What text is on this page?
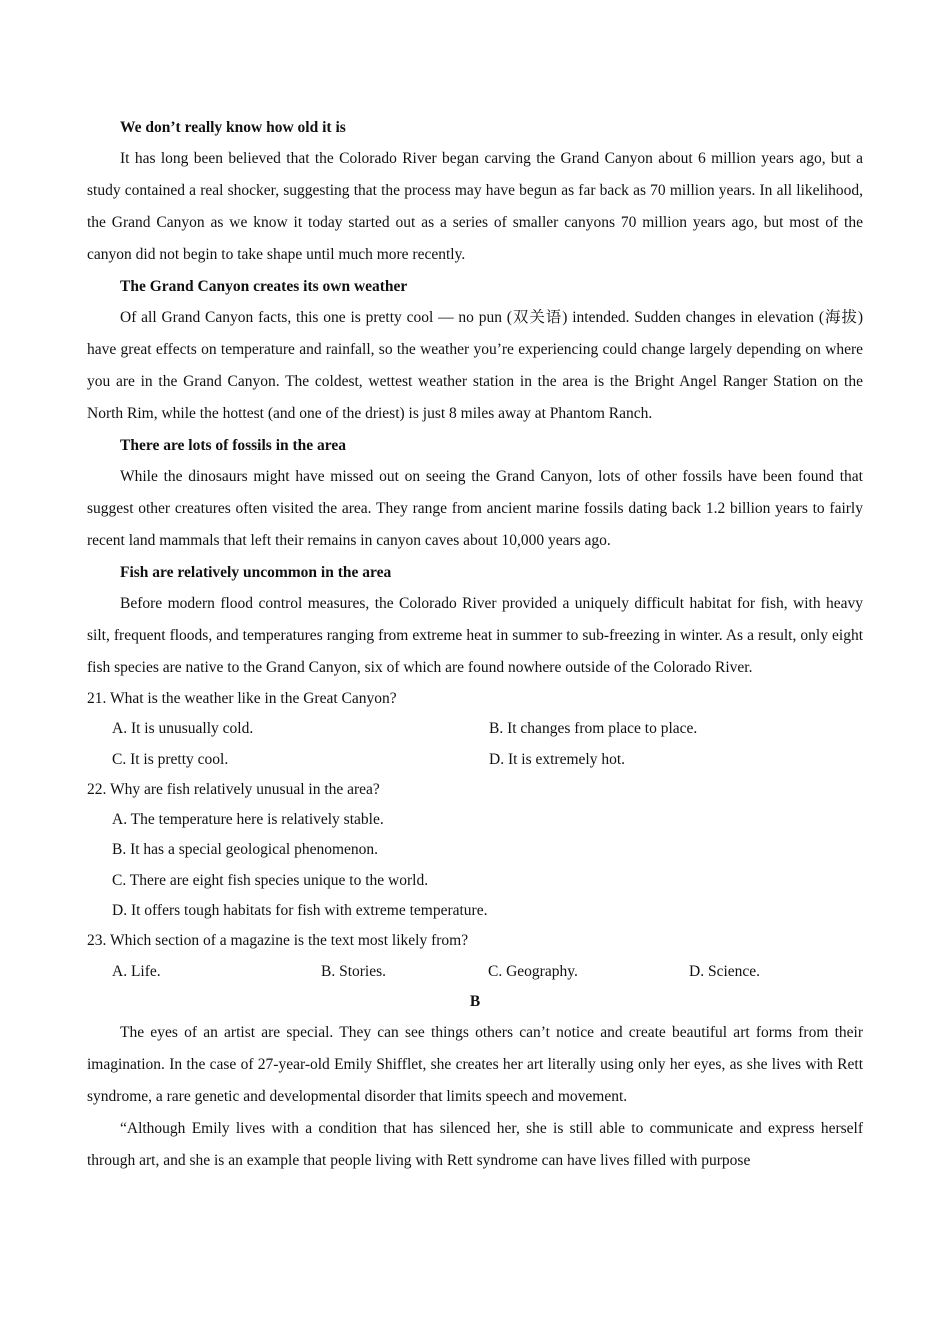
We don’t really know how old it is

It has long been believed that the Colorado River began carving the Grand Canyon about 6 million years ago, but a study contained a real shocker, suggesting that the process may have begun as far back as 70 million years. In all likelihood, the Grand Canyon as we know it today started out as a series of smaller canyons 70 million years ago, but most of the canyon did not begin to take shape until much more recently.

The Grand Canyon creates its own weather

Of all Grand Canyon facts, this one is pretty cool — no pun (双关语) intended. Sudden changes in elevation (海拔) have great effects on temperature and rainfall, so the weather you’re experiencing could change largely depending on where you are in the Grand Canyon. The coldest, wettest weather station in the area is the Bright Angel Ranger Station on the North Rim, while the hottest (and one of the driest) is just 8 miles away at Phantom Ranch.

There are lots of fossils in the area

While the dinosaurs might have missed out on seeing the Grand Canyon, lots of other fossils have been found that suggest other creatures often visited the area. They range from ancient marine fossils dating back 1.2 billion years to fairly recent land mammals that left their remains in canyon caves about 10,000 years ago.

Fish are relatively uncommon in the area

Before modern flood control measures, the Colorado River provided a uniquely difficult habitat for fish, with heavy silt, frequent floods, and temperatures ranging from extreme heat in summer to sub-freezing in winter. As a result, only eight fish species are native to the Grand Canyon, six of which are found nowhere outside of the Colorado River.

21. What is the weather like in the Great Canyon?

A. It is unusually cold.	B. It changes from place to place.
C. It is pretty cool.	D. It is extremely hot.

22. Why are fish relatively unusual in the area?

A. The temperature here is relatively stable.

B. It has a special geological phenomenon.

C. There are eight fish species unique to the world.

D. It offers tough habitats for fish with extreme temperature.

23. Which section of a magazine is the text most likely from?

A. Life.	B. Stories.	C. Geography.	D. Science.

B

The eyes of an artist are special. They can see things others can’t notice and create beautiful art forms from their imagination. In the case of 27-year-old Emily Shifflet, she creates her art literally using only her eyes, as she lives with Rett syndrome, a rare genetic and developmental disorder that limits speech and movement.

“Although Emily lives with a condition that has silenced her, she is still able to communicate and express herself through art, and she is an example that people living with Rett syndrome can have lives filled with purpose
